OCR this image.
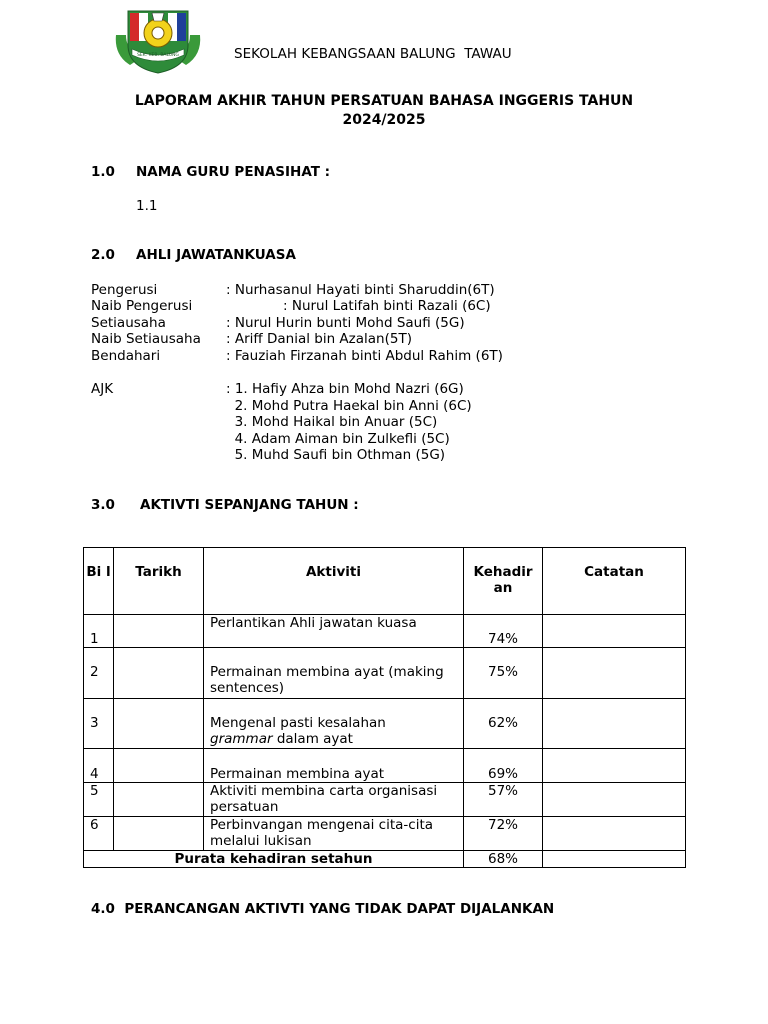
SEK. KEB. BALUNG	SEKOLAH KEBANGSAAN BALUNG  TAWAU
LAPORAM AKHIR TAHUN PERSATUAN BAHASA INGGERIS TAHUN
2024/2025
1.0 NAMA GURU PENASIHAT :
1.1
2.0 AHLI JAWATANKUASA
Pengerusi	: Nurhasanul Hayati binti Sharuddin(6T)
Naib Pengerusi	: Nurul Latifah binti Razali (6C)
Setiausaha	: Nurul Hurin bunti Mohd Saufi (5G)
Naib Setiausaha : Ariff Danial bin Azalan(5T)
Bendahari	: Fauziah Firzanah binti Abdul Rahim (6T)
AJK	: 1. Hafiy Ahza bin Mohd Nazri (6G)
2. Mohd Putra Haekal bin Anni (6C)
3. Mohd Haikal bin Anuar (5C)
4. Adam Aiman bin Zulkefli (5C)
5. Muhd Saufi bin Othman (5G)
3.0 AKTIVTI SEPANJANG TAHUN :
Bi l	Tarikh	Aktiviti	Kehadir an	Catatan
1		Perlantikan Ahli jawatan kuasa	74%	
2		Permainan membina ayat (making sentences)	75%	
3		Mengenal pasti kesalahan
grammar dalam ayat	62%	
4		Permainan membina ayat	69%	
5		Aktiviti membina carta organisasi persatuan	57%	
6		Perbinvangan mengenai cita-cita melalui lukisan	72%	
Purata kehadiran setahun			68%	
4.0  PERANCANGAN AKTIVTI YANG TIDAK DAPAT DIJALANKAN
